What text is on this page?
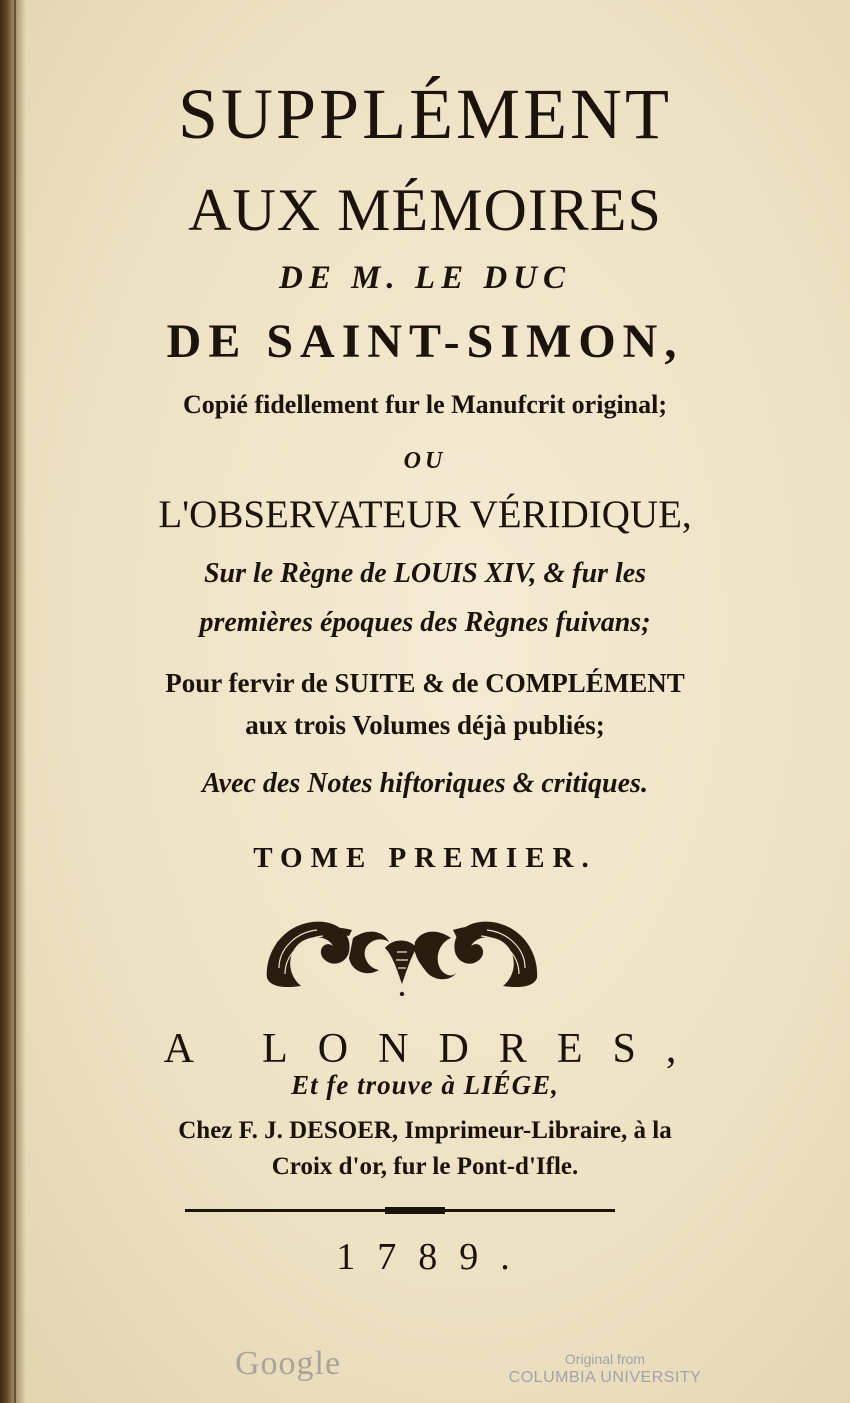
SUPPLÉMENT
AUX MÉMOIRES
DE M. LE DUC
DE SAINT-SIMON,
Copié fidellement fur le Manufcrit original;
OU
L'OBSERVATEUR VÉRIDIQUE,
Sur le Règne de LOUIS XIV, & fur les
premières époques des Règnes fuivans;
Pour fervir de SUITE & de COMPLÉMENT
aux trois Volumes déjà publiés;
Avec des Notes hiftoriques & critiques.
TOME PREMIER.
A LONDRES,
Et fe trouve à LIÉGE,
Chez F. J. DESOER, Imprimeur-Libraire, à la
Croix d'or, fur le Pont-d'Ifle.
1789.
Google	Original from
COLUMBIA UNIVERSITY
